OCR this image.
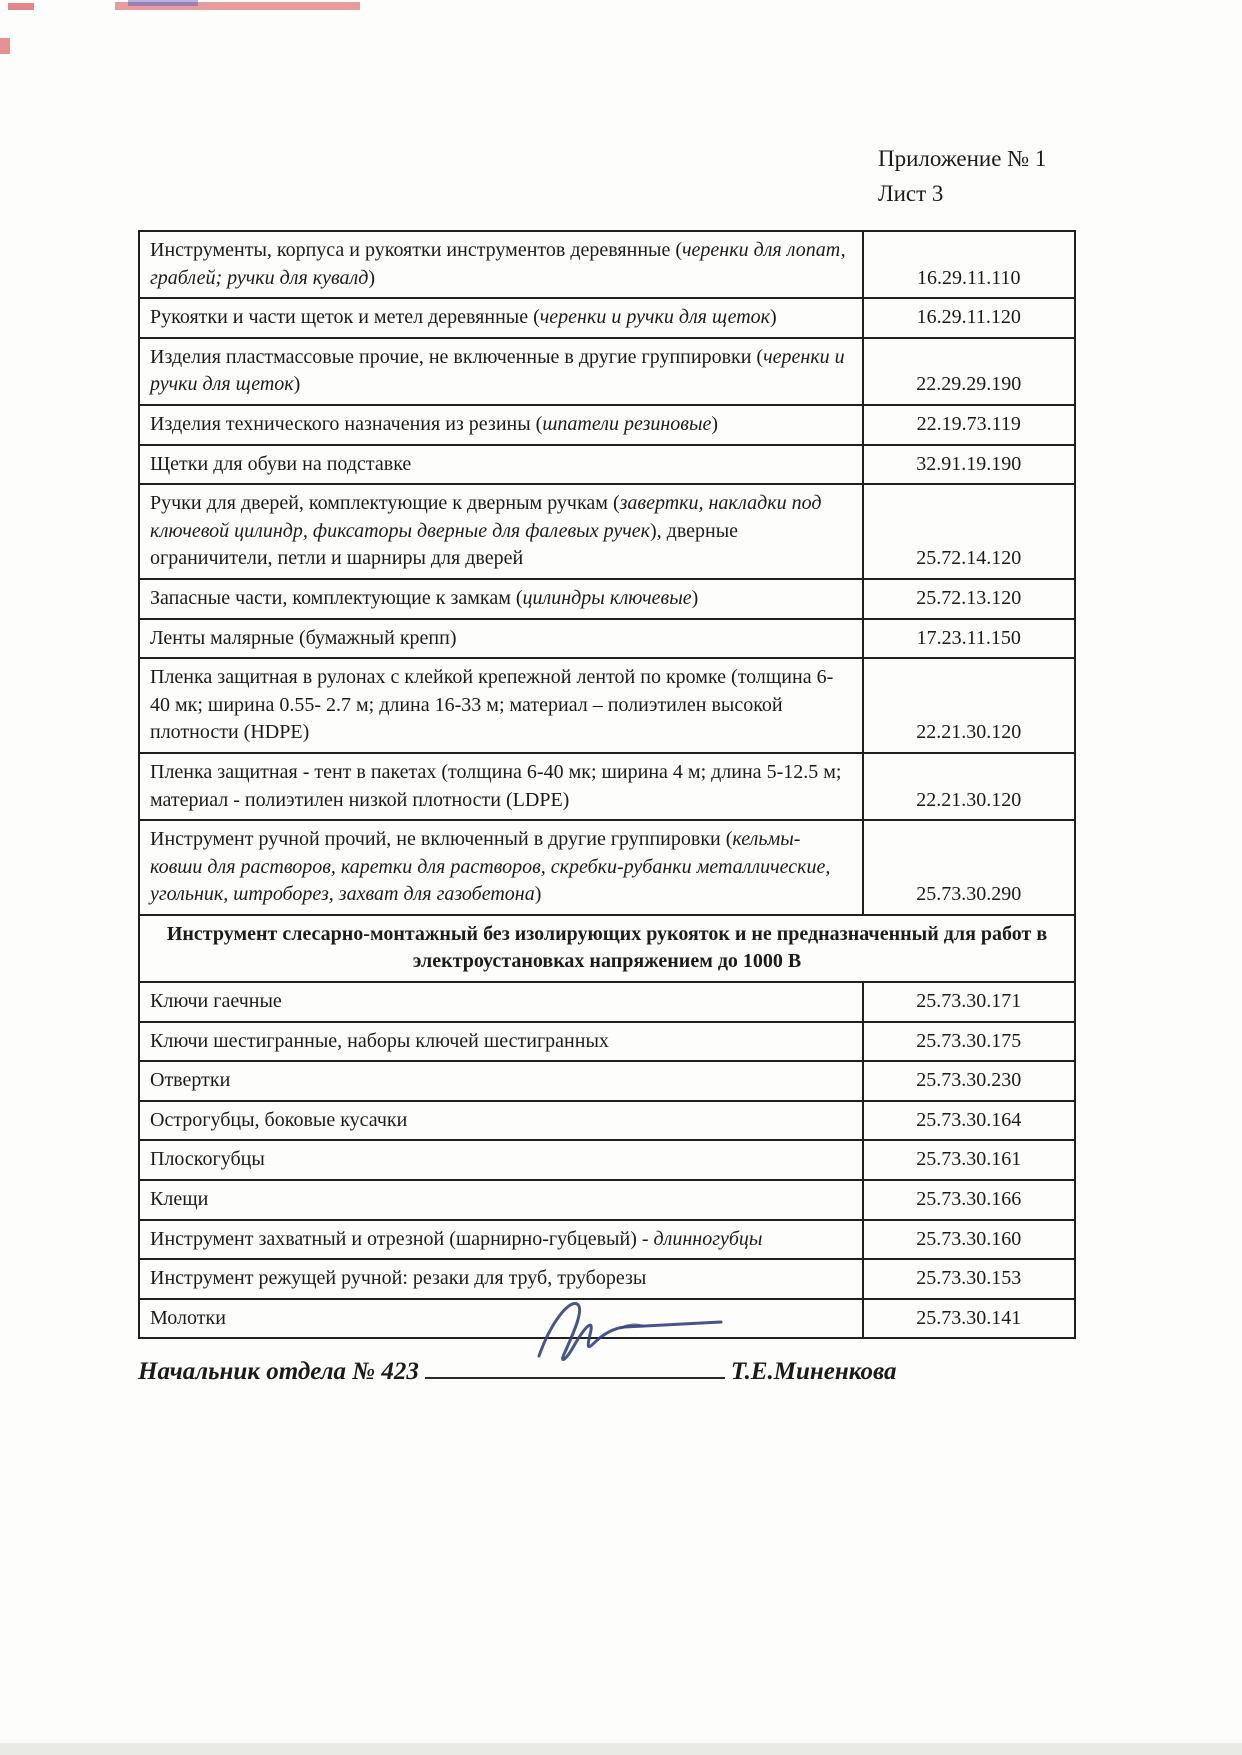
Приложение № 1
Лист 3
Инструменты, корпуса и рукоятки инструментов деревянные (черенки для лопат, граблей; ручки для кувалд)	16.29.11.110
Рукоятки и части щеток и метел деревянные (черенки и ручки для щеток)	16.29.11.120
Изделия пластмассовые прочие, не включенные в другие группировки (черенки и ручки для щеток)	22.29.29.190
Изделия технического назначения из резины (шпатели резиновые)	22.19.73.119
Щетки для обуви на подставке	32.91.19.190
Ручки для дверей, комплектующие к дверным ручкам (завертки, накладки под ключевой цилиндр, фиксаторы дверные для фалевых ручек), дверные ограничители, петли и шарниры для дверей	25.72.14.120
Запасные части, комплектующие к замкам (цилиндры ключевые)	25.72.13.120
Ленты малярные (бумажный крепп)	17.23.11.150
Пленка защитная в рулонах с клейкой крепежной лентой по кромке (толщина 6-40 мк; ширина 0.55- 2.7 м; длина 16-33 м; материал – полиэтилен высокой плотности (HDPE)	22.21.30.120
Пленка защитная - тент в пакетах (толщина 6-40 мк; ширина 4 м; длина 5-12.5 м; материал - полиэтилен низкой плотности (LDPE)	22.21.30.120
Инструмент ручной прочий, не включенный в другие группировки (кельмы-ковши для растворов, каретки для растворов, скребки-рубанки металлические, угольник, штроборез, захват для газобетона)	25.73.30.290
Инструмент слесарно-монтажный без изолирующих рукояток и не предназначенный для работ в электроустановках напряжением до 1000 В	
Ключи гаечные	25.73.30.171
Ключи шестигранные, наборы ключей шестигранных	25.73.30.175
Отвертки	25.73.30.230
Острогубцы, боковые кусачки	25.73.30.164
Плоскогубцы	25.73.30.161
Клещи	25.73.30.166
Инструмент захватный и отрезной (шарнирно-губцевый) - длинногубцы	25.73.30.160
Инструмент режущей ручной: резаки для труб, труборезы	25.73.30.153
Молотки	25.73.30.141
Начальник отдела № 423	Т.Е.Миненкова
